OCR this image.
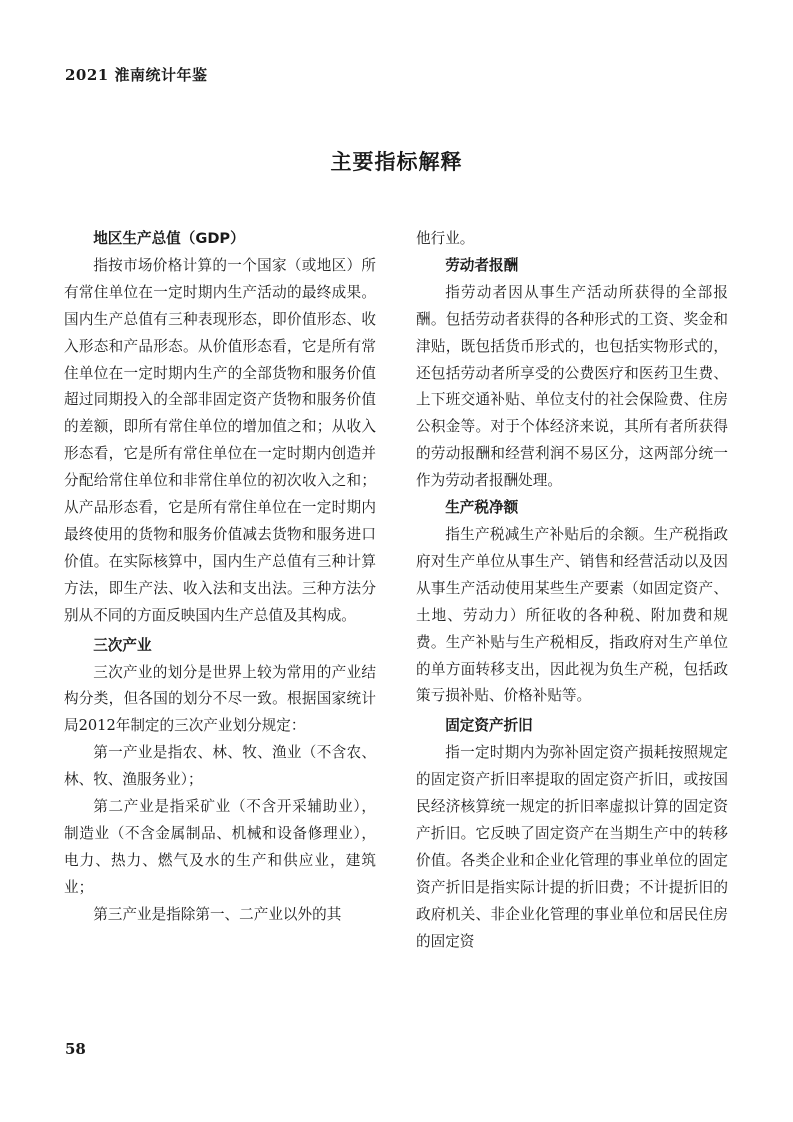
2021 淮南统计年鉴
主要指标解释
地区生产总值（GDP）

指按市场价格计算的一个国家（或地区）所有常住单位在一定时期内生产活动的最终成果。国内生产总值有三种表现形态，即价值形态、收入形态和产品形态。从价值形态看，它是所有常住单位在一定时期内生产的全部货物和服务价值超过同期投入的全部非固定资产货物和服务价值的差额，即所有常住单位的增加值之和；从收入形态看，它是所有常住单位在一定时期内创造并分配给常住单位和非常住单位的初次收入之和；从产品形态看，它是所有常住单位在一定时期内最终使用的货物和服务价值减去货物和服务进口价值。在实际核算中，国内生产总值有三种计算方法，即生产法、收入法和支出法。三种方法分别从不同的方面反映国内生产总值及其构成。

三次产业

三次产业的划分是世界上较为常用的产业结构分类，但各国的划分不尽一致。根据国家统计局2012年制定的三次产业划分规定：

第一产业是指农、林、牧、渔业（不含农、林、牧、渔服务业）；

第二产业是指采矿业（不含开采辅助业），制造业（不含金属制品、机械和设备修理业），电力、热力、燃气及水的生产和供应业，建筑业；

第三产业是指除第一、二产业以外的其

他行业。

劳动者报酬

指劳动者因从事生产活动所获得的全部报酬。包括劳动者获得的各种形式的工资、奖金和津贴，既包括货币形式的，也包括实物形式的，还包括劳动者所享受的公费医疗和医药卫生费、上下班交通补贴、单位支付的社会保险费、住房公积金等。对于个体经济来说，其所有者所获得的劳动报酬和经营利润不易区分，这两部分统一作为劳动者报酬处理。

生产税净额

指生产税减生产补贴后的余额。生产税指政府对生产单位从事生产、销售和经营活动以及因从事生产活动使用某些生产要素（如固定资产、土地、劳动力）所征收的各种税、附加费和规费。生产补贴与生产税相反，指政府对生产单位的单方面转移支出，因此视为负生产税，包括政策亏损补贴、价格补贴等。

固定资产折旧

指一定时期内为弥补固定资产损耗按照规定的固定资产折旧率提取的固定资产折旧，或按国民经济核算统一规定的折旧率虚拟计算的固定资产折旧。它反映了固定资产在当期生产中的转移价值。各类企业和企业化管理的事业单位的固定资产折旧是指实际计提的折旧费；不计提折旧的政府机关、非企业化管理的事业单位和居民住房的固定资

58
